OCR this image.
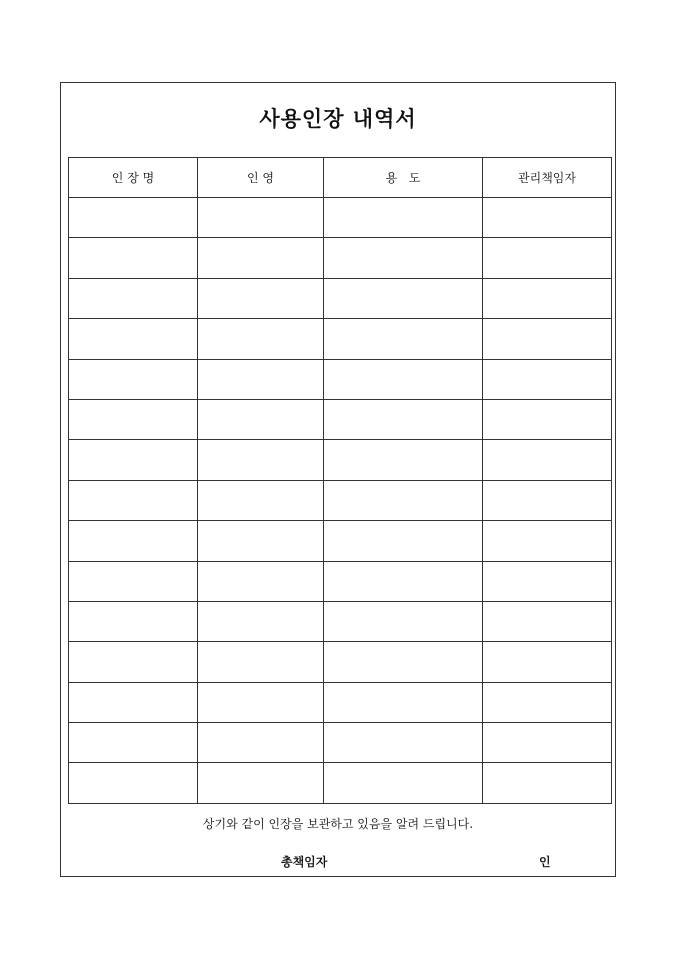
사용인장 내역서
인 장 명	인 영	용   도	관리책임자

상기와 같이 인장을 보관하고 있음을 알려 드립니다.
총책임자	인
